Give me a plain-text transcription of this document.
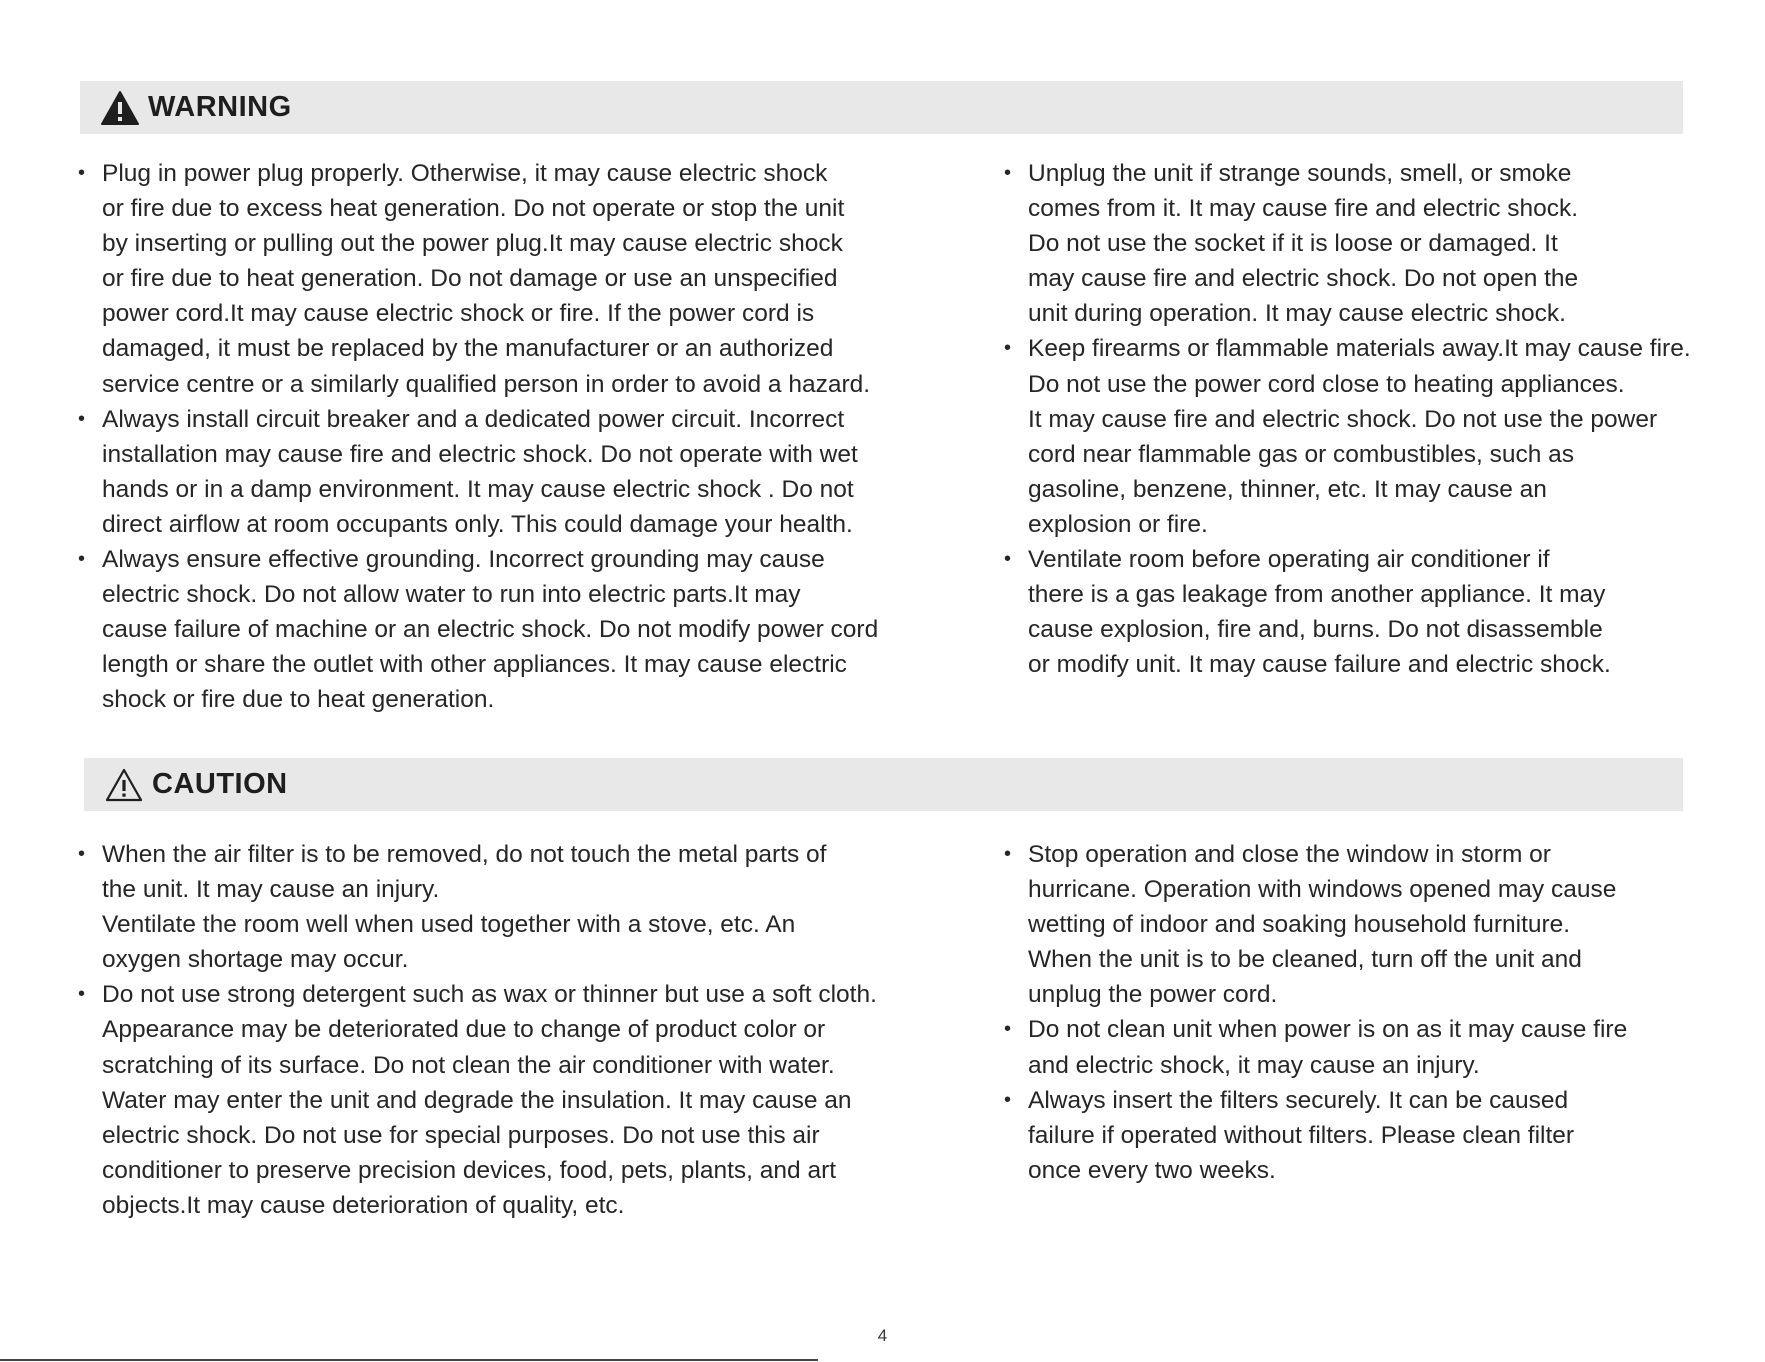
WARNING
• Plug in power plug properly. Otherwise, it may cause electric shock
or fire due to excess heat generation. Do not operate or stop the unit
by inserting or pulling out the power plug.It may cause electric shock
or fire due to heat generation. Do not damage or use an unspecified
power cord.It may cause electric shock or fire. If the power cord is
damaged, it must be replaced by the manufacturer or an authorized
service centre or a similarly qualified person in order to avoid a hazard.
• Always install circuit breaker and a dedicated power circuit. Incorrect
installation may cause fire and electric shock. Do not operate with wet
hands or in a damp environment. It may cause electric shock . Do not
direct airflow at room occupants only. This could damage your health.
• Always ensure effective grounding. Incorrect grounding may cause
electric shock. Do not allow water to run into electric parts.It may
cause failure of machine or an electric shock. Do not modify power cord
length or share the outlet with other appliances. It may cause electric
shock or fire due to heat generation.
• Unplug the unit if strange sounds, smell, or smoke
comes from it. It may cause fire and electric shock.
Do not use the socket if it is loose or damaged. It
may cause fire and electric shock. Do not open the
unit during operation. It may cause electric shock.
• Keep firearms or flammable materials away.It may cause fire.
Do not use the power cord close to heating appliances.
It may cause fire and electric shock. Do not use the power
cord near flammable gas or combustibles, such as
gasoline, benzene, thinner, etc. It may cause an
explosion or fire.
• Ventilate room before operating air conditioner if
there is a gas leakage from another appliance. It may
cause explosion, fire and, burns. Do not disassemble
or modify unit. It may cause failure and electric shock.
CAUTION
• When the air filter is to be removed, do not touch the metal parts of
the unit. It may cause an injury.
Ventilate the room well when used together with a stove, etc. An
oxygen shortage may occur.
• Do not use strong detergent such as wax or thinner but use a soft cloth.
Appearance may be deteriorated due to change of product color or
scratching of its surface. Do not clean the air conditioner with water.
Water may enter the unit and degrade the insulation. It may cause an
electric shock. Do not use for special purposes. Do not use this air
conditioner to preserve precision devices, food, pets, plants, and art
objects.It may cause deterioration of quality, etc.
• Stop operation and close the window in storm or
hurricane. Operation with windows opened may cause
wetting of indoor and soaking household furniture.
When the unit is to be cleaned, turn off the unit and
unplug the power cord.
• Do not clean unit when power is on as it may cause fire
and electric shock, it may cause an injury.
• Always insert the filters securely. It can be caused
failure if operated without filters. Please clean filter
once every two weeks.
4
